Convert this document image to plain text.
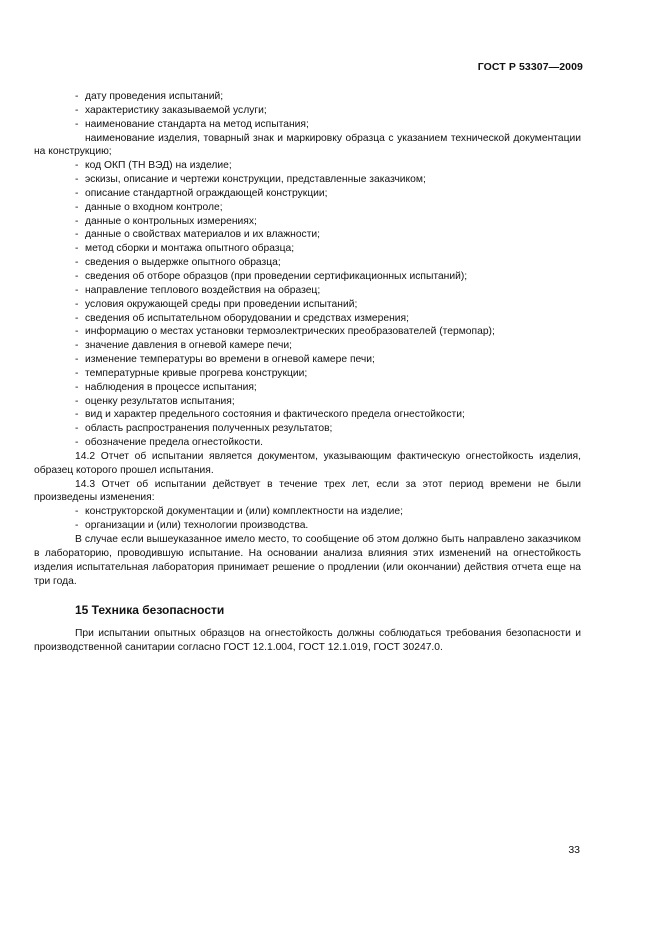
ГОСТ Р 53307—2009

- дату проведения испытаний;

- характеристику заказываемой услуги;

- наименование стандарта на метод испытания;

- наименование изделия, товарный знак и маркировку образца с указанием технической документации на конструкцию;

- код ОКП (ТН ВЭД) на изделие;

- эскизы, описание и чертежи конструкции, представленные заказчиком;

- описание стандартной ограждающей конструкции;

- данные о входном контроле;

- данные о контрольных измерениях;

- данные о свойствах материалов и их влажности;

- метод сборки и монтажа опытного образца;

- сведения о выдержке опытного образца;

- сведения об отборе образцов (при проведении сертификационных испытаний);

- направление теплового воздействия на образец;

- условия окружающей среды при проведении испытаний;

- сведения об испытательном оборудовании и средствах измерения;

- информацию о местах установки термоэлектрических преобразователей (термопар);

- значение давления в огневой камере печи;

- изменение температуры во времени в огневой камере печи;

- температурные кривые прогрева конструкции;

- наблюдения в процессе испытания;

- оценку результатов испытания;

- вид и характер предельного состояния и фактического предела огнестойкости;

- область распространения полученных результатов;

- обозначение предела огнестойкости.

14.2 Отчет об испытании является документом, указывающим фактическую огнестойкость изделия, образец которого прошел испытания.

14.3 Отчет об испытании действует в течение трех лет, если за этот период времени не были произведены изменения:

- конструкторской документации и (или) комплектности на изделие;

- организации и (или) технологии производства.

В случае если вышеуказанное имело место, то сообщение об этом должно быть направлено заказчиком в лабораторию, проводившую испытание. На основании анализа влияния этих изменений на огнестойкость изделия испытательная лаборатория принимает решение о продлении (или окончании) действия отчета еще на три года.

15 Техника безопасности

При испытании опытных образцов на огнестойкость должны соблюдаться требования безопасности и производственной санитарии согласно ГОСТ 12.1.004, ГОСТ 12.1.019, ГОСТ 30247.0.

33
